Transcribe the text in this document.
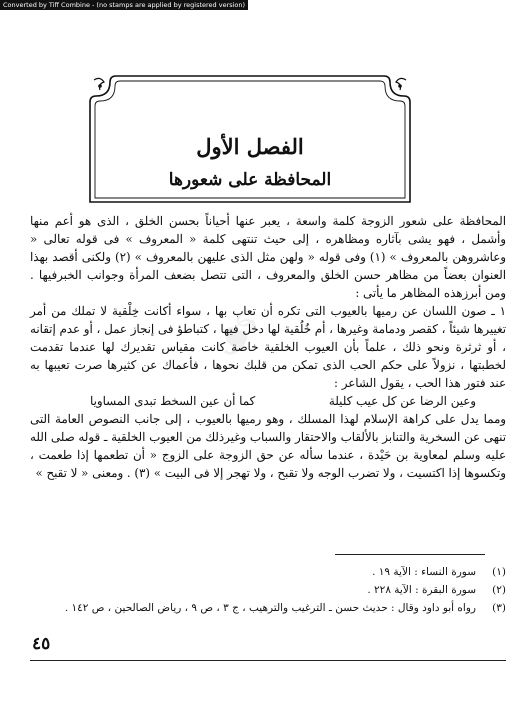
Converted by Tiff Combine - (no stamps are applied by registered version)
☙
الفصل الأول
المحافظة على شعورها

المحافظة على شعور الزوجة كلمة واسعة ، يعبر عنها أحياناً بحسن الخلق ، الذى هو أعم منها وأشمل ، فهو يشى بآثاره ومظاهره ، إلى حيث تنتهى كلمة « المعروف » فى قوله تعالى « وعاشروهن بالمعروف » (١) وفى قوله « ولهن مثل الذى عليهن بالمعروف » (٢) ولكنى أقصد بهذا العنوان بعضاً من مظاهر حسن الخلق والمعروف ، التى تتصل بضعف المرأة وجوانب الخبرفيها . ومن أبرزهذه المظاهر ما يأتى :

١ ـ صون اللسان عن رميها بالعيوب التى تكره أن تعاب بها ، سواء أكانت خِلْقية لا تملك من أمر تغييرها شيئاً ، كقصر ودمامة وغيرها ، أم خُلُقية لها دخل فيها ، كتباطؤ فى إنجاز عمل ، أو عدم إتقانه ، أو ثرثرة ونحو ذلك ، علماً بأن العيوب الخلقية خاصة كانت مقياس تقديرك لها عندما تقدمت لخطبتها ، نزولاً على حكم الحب الذى تمكن من قلبك نحوها ، فأعماك عن كثيرها صرت تعيبها به عند فتور هذا الحب ، يقول الشاعر :

وعين الرضا عن كل عيب كليلة
كما أن عين السخط تبدى المساويا

ومما يدل على كراهة الإسلام لهذا المسلك ، وهو رميها بالعيوب ، إلى جانب النصوص العامة التى تنهى عن السخرية والتنابز بالألقاب والاحتقار والسباب وغيرذلك من العيوب الخلقية ـ قوله صلى الله عليه وسلم لمعاوية بن حَيْدة ، عندما سأله عن حق الزوجة على الزوج « أن تطعمها إذا طعمت ، وتكسوها إذا اكتسيت ، ولا تضرب الوجه ولا تقبح ، ولا تهجر إلا فى البيت » (٣) . ومعنى « لا تقبح »

(١)
سورة النساء : الآية ١٩ .
(٢)
سورة البقرة : الآية ٢٢٨ .
(٣)
رواه أبو داود وقال : حديث حسن ـ الترغيب والترهيب ، ج ٣ ، ص ٩ ، رياض الصالحين ، ص ١٤٢ .
٤٥
